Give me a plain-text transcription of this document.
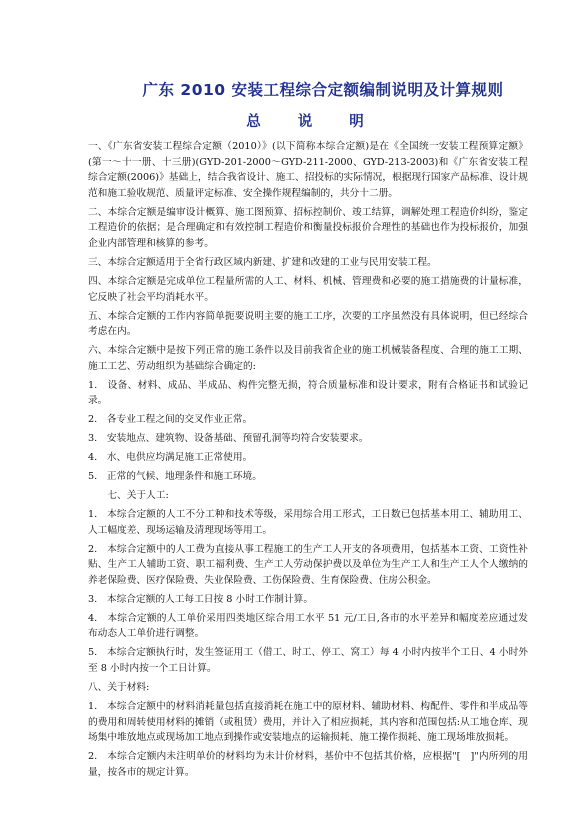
广东 2010 安装工程综合定额编制说明及计算规则
总 说 明

一、《广东省安装工程综合定额（2010）》(以下简称本综合定额)是在《全国统一安装工程预算定额》(第一～十一册、十三册)(GYD-201-2000～GYD-211-2000、GYD-213-2003)和《广东省安装工程综合定额(2006)》基础上，结合我省设计、施工、招投标的实际情况，根据现行国家产品标准、设计规范和施工验收规范、质量评定标准、安全操作规程编制的，共分十二册。

二、本综合定额是编审设计概算、施工图预算、招标控制价、竣工结算，调解处理工程造价纠纷，鉴定工程造价的依据；是合理确定和有效控制工程造价和衡量投标报价合理性的基础也作为投标报价，加强企业内部管理和核算的参考。

三、本综合定额适用于全省行政区域内新建、扩建和改建的工业与民用安装工程。

四、本综合定额是完成单位工程量所需的人工、材料、机械、管理费和必要的施工措施费的计量标准，它反映了社会平均消耗水平。

五、本综合定额的工作内容简单扼要说明主要的施工工序，次要的工序虽然没有具体说明，但已经综合考虑在内。

六、本综合定额中是按下列正常的施工条件以及目前我省企业的施工机械装备程度、合理的施工工期、施工工艺、劳动组织为基础综合确定的:

1.　设备、材料、成品、半成品、构件完整无损，符合质量标准和设计要求，附有合格证书和试验记录。

2.　各专业工程之间的交叉作业正常。

3.　安装地点、建筑物、设备基础、预留孔洞等均符合安装要求。

4.　水、电供应均满足施工正常使用。

5.　正常的气候、地理条件和施工环境。

　　七、关于人工:

1.　本综合定额的人工不分工种和技术等级，采用综合用工形式，工日数已包括基本用工、辅助用工、人工幅度差、现场运输及清理现场等用工。

2.　本综合定额中的人工费为直接从事工程施工的生产工人开支的各项费用，包括基本工资、工资性补贴、生产工人辅助工资、职工福利费、生产工人劳动保护费以及单位为生产工人和生产工人个人缴纳的养老保险费、医疗保险费、失业保险费、工伤保险费、生育保险费、住房公积金。

3.　本综合定额的人工每工日按 8 小时工作制计算。

4.　本综合定额的人工单价采用四类地区综合用工水平 51 元/工日,各市的水平差异和幅度差应通过发布动态人工单价进行调整。

5.　本综合定额执行时，发生签证用工（借工、时工、停工、窝工）每 4 小时内按半个工日、4 小时外至 8 小时内按一个工日计算。

八、关于材料:

1.　本综合定额中的材料消耗量包括直接消耗在施工中的原材料、辅助材料、构配件、零件和半成品等的费用和周转使用材料的摊销（或租赁）费用，并计入了相应损耗，其内容和范围包括:从工地仓库、现场集中堆放地点或现场加工地点到操作或安装地点的运输损耗、施工操作损耗、施工现场堆放损耗。

2.　本综合定额内未注明单价的材料均为未计价材料，基价中不包括其价格，应根据"[　]"内所列的用量，按各市的规定计算。
